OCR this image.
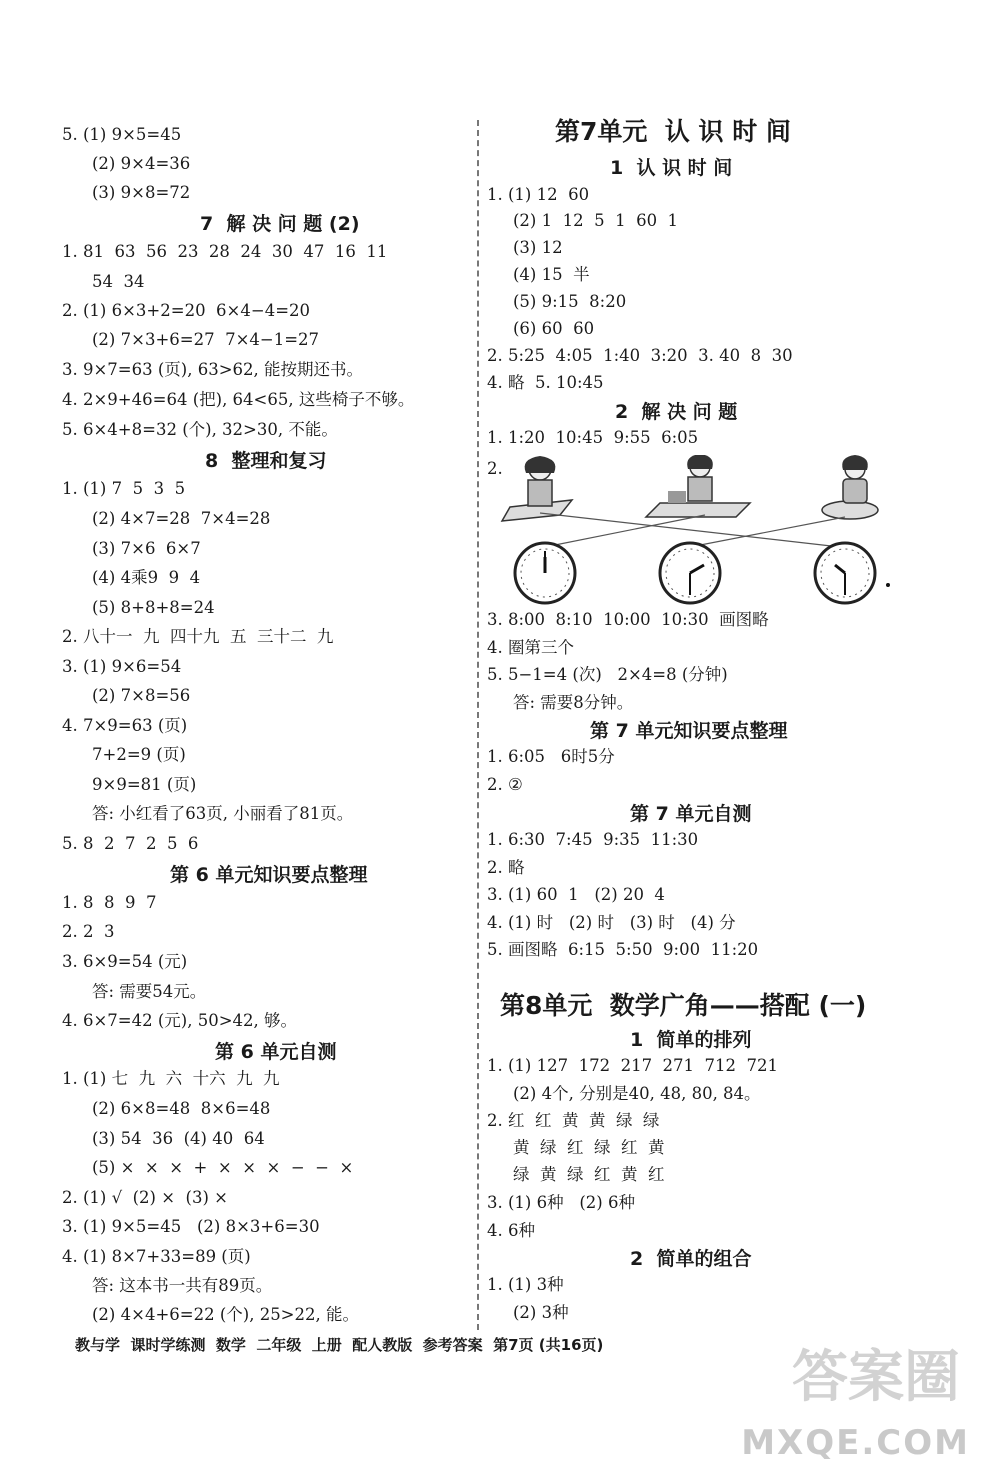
5. (1) 9×5=45
(2) 9×4=36
(3) 9×8=72
1. 81  63  56  23  28  24  30  47  16  11
54  34
2. (1) 6×3+2=20  6×4−4=20
(2) 7×3+6=27  7×4−1=27
3. 9×7=63 (页), 63>62, 能按期还书。
4. 2×9+46=64 (把), 64<65, 这些椅子不够。
5. 6×4+8=32 (个), 32>30, 不能。
1. (1) 7  5  3  5
(2) 4×7=28  7×4=28
(3) 7×6  6×7
(4) 4乘9  9  4
(5) 8+8+8=24
2. 八十一  九  四十九  五  三十二  九
3. (1) 9×6=54
(2) 7×8=56
4. 7×9=63 (页)
7+2=9 (页)
9×9=81 (页)
答: 小红看了63页, 小丽看了81页。
5. 8  2  7  2  5  6
1. 8  8  9  7
2. 2  3
3. 6×9=54 (元)
答: 需要54元。
4. 6×7=42 (元), 50>42, 够。
1. (1) 七  九  六  十六  九  九
(2) 6×8=48  8×6=48
(3) 54  36  (4) 40  64
(5) ×  ×  ×  +  ×  ×  ×  −  −  ×
2. (1) √  (2) ×  (3) ×
3. (1) 9×5=45   (2) 8×3+6=30
4. (1) 8×7+33=89 (页)
答: 这本书一共有89页。
(2) 4×4+6=22 (个), 25>22, 能。
7  解 决 问 题 (2)
8  整理和复习
第 6 单元知识要点整理
第 6 单元自测
1. (1) 12  60
(2) 1  12  5  1  60  1
(3) 12
(4) 15  半
(5) 9:15  8:20
(6) 60  60
2. 5:25  4:05  1:40  3:20  3. 40  8  30
4. 略  5. 10:45
1. 1:20  10:45  9:55  6:05
2.
3. 8:00  8:10  10:00  10:30  画图略
4. 圈第三个
5. 5−1=4 (次)   2×4=8 (分钟)
答: 需要8分钟。
1. 6:05   6时5分
2. ②
1. 6:30  7:45  9:35  11:30
2. 略
3. (1) 60  1   (2) 20  4
4. (1) 时   (2) 时   (3) 时   (4) 分
5. 画图略  6:15  5:50  9:00  11:20
1. (1) 127  172  217  271  712  721
(2) 4个, 分别是40, 48, 80, 84。
2. 红  红  黄  黄  绿  绿
黄  绿  红  绿  红  黄
绿  黄  绿  红  黄  红
3. (1) 6种   (2) 6种
4. 6种
1. (1) 3种
(2) 3种
1  认 识 时 间
2  解 决 问 题
第 7 单元知识要点整理
第 7 单元自测
1  简单的排列
2  简单的组合
第7单元  认 识 时 间
第8单元  数学广角——搭配 (一)
教与学  课时学练测  数学  二年级  上册  配人教版  参考答案  第7页 (共16页)	答案圈
MXQE.COM
